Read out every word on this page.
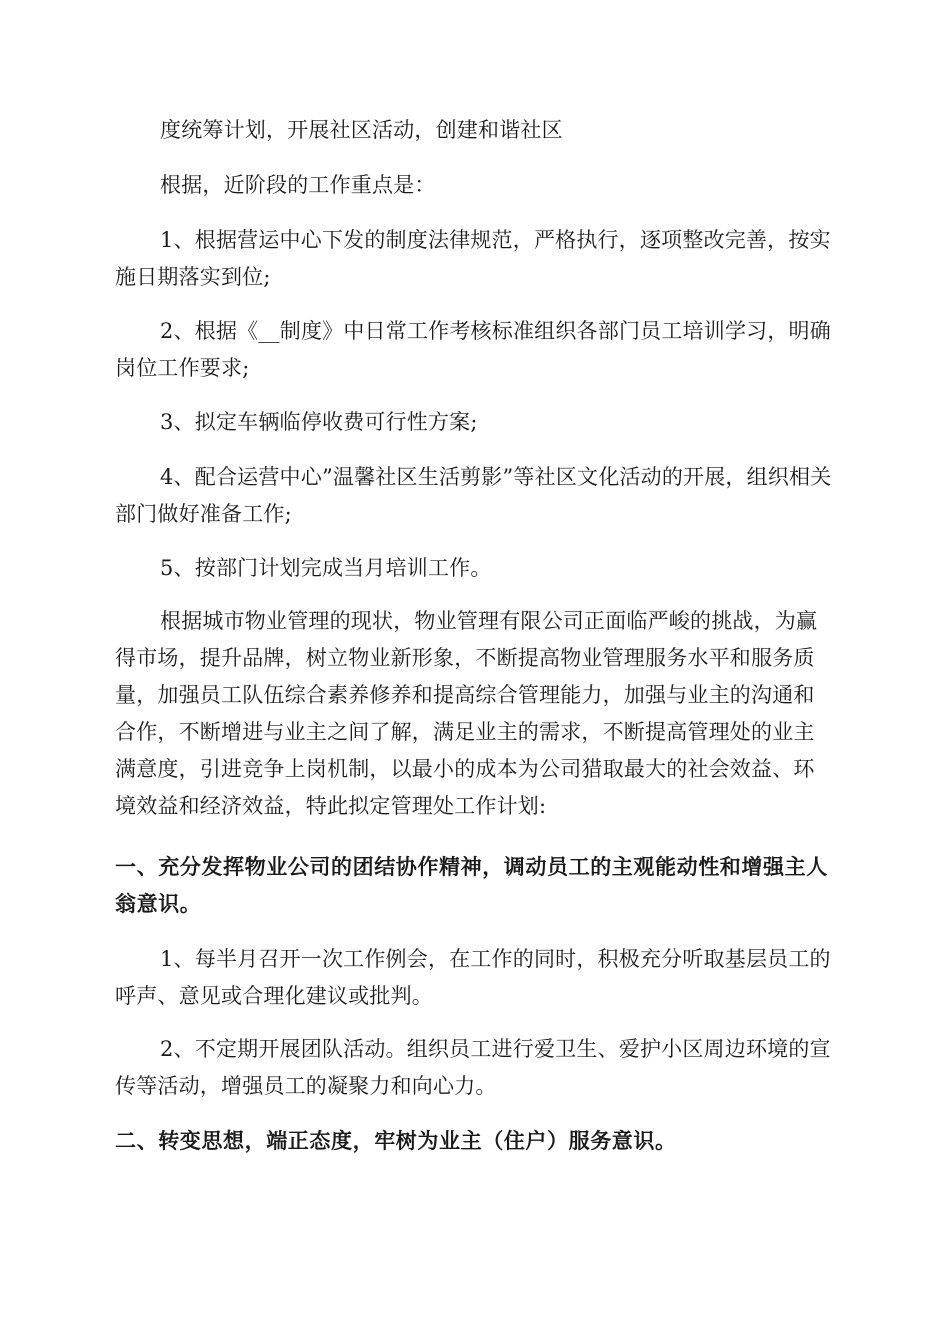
度统筹计划，开展社区活动，创建和谐社区

根据，近阶段的工作重点是：

1、根据营运中心下发的制度法律规范，严格执行，逐项整改完善，按实施日期落实到位;

2、根据《__制度》中日常工作考核标准组织各部门员工培训学习，明确岗位工作要求;

3、拟定车辆临停收费可行性方案;

4、配合运营中心”温馨社区生活剪影”等社区文化活动的开展，组织相关部门做好准备工作;

5、按部门计划完成当月培训工作。

根据城市物业管理的现状，物业管理有限公司正面临严峻的挑战，为赢得市场，提升品牌，树立物业新形象，不断提高物业管理服务水平和服务质量，加强员工队伍综合素养修养和提高综合管理能力，加强与业主的沟通和合作，不断增进与业主之间了解，满足业主的需求，不断提高管理处的业主满意度，引进竞争上岗机制，以最小的成本为公司猎取最大的社会效益、环境效益和经济效益，特此拟定管理处工作计划:

一、充分发挥物业公司的团结协作精神，调动员工的主观能动性和增强主人翁意识。

1、每半月召开一次工作例会，在工作的同时，积极充分听取基层员工的呼声、意见或合理化建议或批判。

2、不定期开展团队活动。组织员工进行爱卫生、爱护小区周边环境的宣传等活动，增强员工的凝聚力和向心力。

二、转变思想，端正态度，牢树为业主（住户）服务意识。
